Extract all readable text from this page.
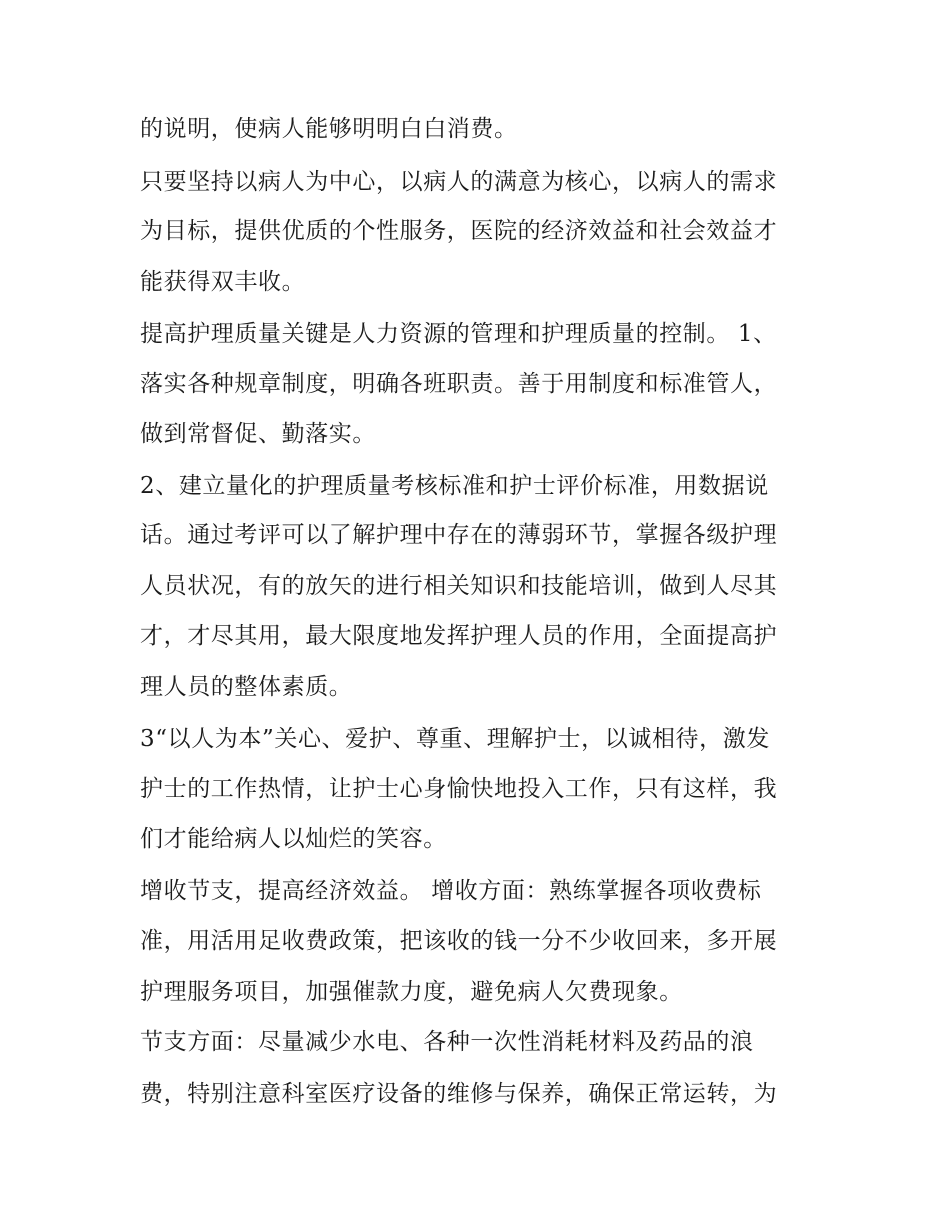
的说明，使病人能够明明白白消费。

只要坚持以病人为中心，以病人的满意为核心，以病人的需求

为目标，提供优质的个性服务，医院的经济效益和社会效益才

能获得双丰收。

提高护理质量关键是人力资源的管理和护理质量的控制。 1、

落实各种规章制度，明确各班职责。善于用制度和标准管人，

做到常督促、勤落实。

2、建立量化的护理质量考核标准和护士评价标准，用数据说

话。通过考评可以了解护理中存在的薄弱环节，掌握各级护理

人员状况，有的放矢的进行相关知识和技能培训，做到人尽其

才，才尽其用，最大限度地发挥护理人员的作用，全面提高护

理人员的整体素质。

3“以人为本”关心、爱护、尊重、理解护士，以诚相待，激发

护士的工作热情，让护士心身愉快地投入工作，只有这样，我

们才能给病人以灿烂的笑容。

增收节支，提高经济效益。 增收方面：熟练掌握各项收费标

准，用活用足收费政策，把该收的钱一分不少收回来，多开展

护理服务项目，加强催款力度，避免病人欠费现象。

节支方面：尽量减少水电、各种一次性消耗材料及药品的浪

费，特别注意科室医疗设备的维修与保养，确保正常运转，为
